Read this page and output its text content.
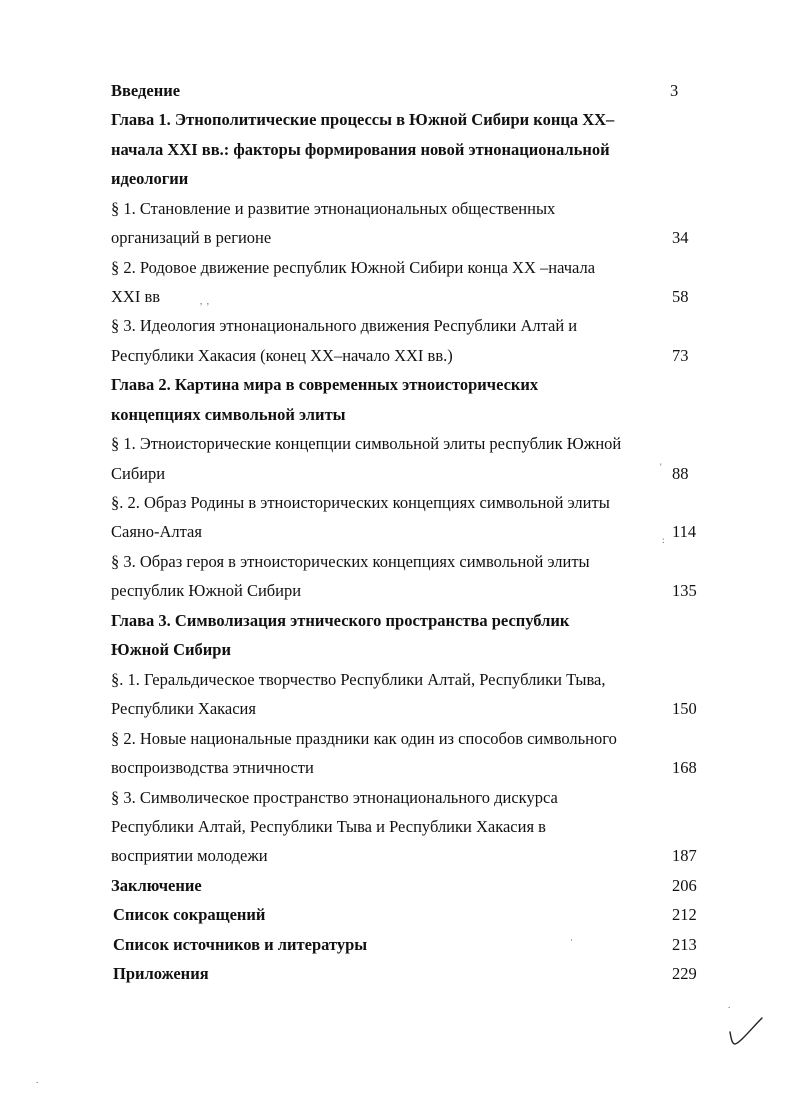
Введение	3
Глава 1. Этнополитические процессы в Южной Сибири конца XX–
начала XXI вв.: факторы формирования новой этнонациональной
идеологии
§ 1. Становление и развитие этнонациональных общественных
организаций в регионе	34
§ 2. Родовое движение республик Южной Сибири конца XX –начала
XXI вв	,  ,	58
§ 3. Идеология этнонационального движения Республики Алтай и
Республики Хакасия (конец XX–начало XXI вв.)	73
Глава 2. Картина мира в современных этноисторических
концепциях символьной элиты
§ 1. Этноисторические концепции символьной элиты республик Южной
Сибири	' 88
§. 2. Образ Родины в этноисторических концепциях символьной элиты
Саяно-Алтая	: 114
§ 3. Образ героя в этноисторических концепциях символьной элиты
республик Южной Сибири	135
Глава 3. Символизация этнического пространства республик
Южной Сибири
§. 1. Геральдическое творчество Республики Алтай, Республики Тыва,
Республики Хакасия	150
§ 2. Новые национальные праздники как один из способов символьного
воспроизводства этничности	168
§ 3. Символическое пространство этнонационального дискурса
Республики Алтай, Республики Тыва и Республики Хакасия в
восприятии молодежи	187
Заключение	206
Список сокращений	212
Список источников и литературы	·	213
Приложения	229
.
.
